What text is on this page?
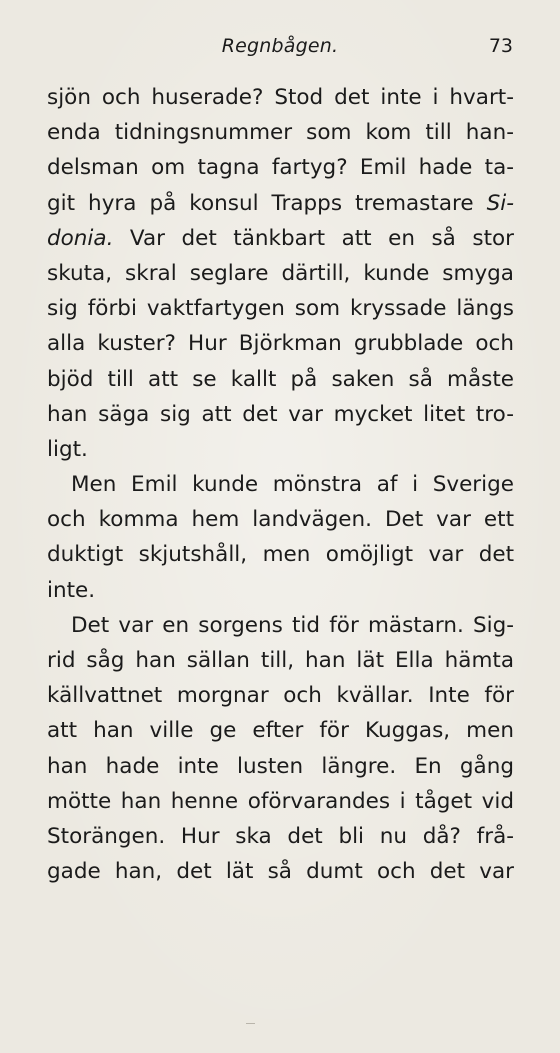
Regnbågen.	73
sjön och huserade? Stod det inte i hvart-
enda tidningsnummer som kom till han-
delsman om tagna fartyg? Emil hade ta-
git hyra på konsul Trapps tremastare Si-
donia. Var det tänkbart att en så stor
skuta, skral seglare därtill, kunde smyga
sig förbi vaktfartygen som kryssade längs
alla kuster? Hur Björkman grubblade och
bjöd till att se kallt på saken så måste
han säga sig att det var mycket litet tro-
ligt.
Men Emil kunde mönstra af i Sverige
och komma hem landvägen. Det var ett
duktigt skjutshåll, men omöjligt var det
inte.
Det var en sorgens tid för mästarn. Sig-
rid såg han sällan till, han lät Ella hämta
källvattnet morgnar och kvällar. Inte för
att han ville ge efter för Kuggas, men
han hade inte lusten längre. En gång
mötte han henne oförvarandes i tåget vid
Storängen. Hur ska det bli nu då? frå-
gade han, det lät så dumt och det var
